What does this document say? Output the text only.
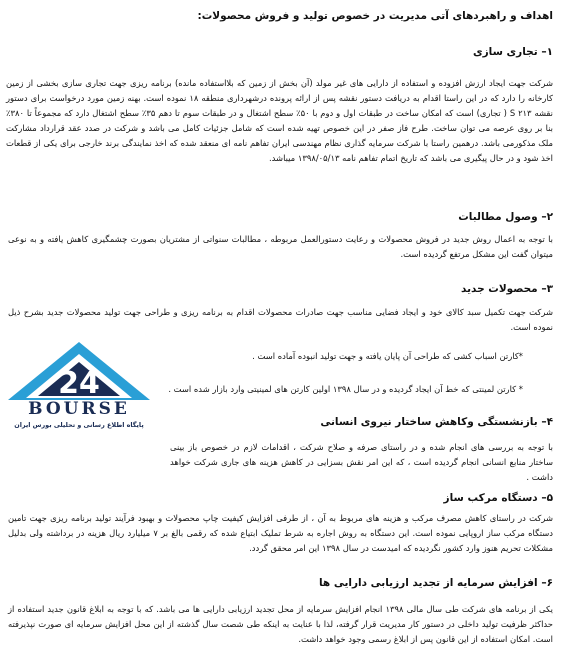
اهداف و راهبردهای آتی مدیریت در خصوص تولید و فروش محصولات:
۱– تجاری سازی
شرکت جهت ایجاد ارزش افزوده و استفاده از دارایی های غیر مولد (آن بخش از زمین که بلااستفاده مانده) برنامه ریزی جهت تجاری سازی بخشی از زمین کارخانه را دارد که در این راستا اقدام به دریافت دستور نقشه پس از ارائه پرونده درشهرداری منطقه ۱۸ نموده است. بهنه زمین مورد درخواست برای دستور نقشه ۲۱۳ S ( تجاری) است که امکان ساخت در طبقات اول و دوم با ۵۰٪ سطح اشتغال و در طبقات سوم تا دهم ۳۵٪ سطح اشتغال دارد که مجموعاً تا ۳۸۰٪ بنا بر روی عرصه می توان ساخت. طرح فاز صفر در این خصوص تهیه شده است که شامل جزئیات کامل می باشد و شرکت در صدد عقد قرارداد مشارکت ملک مذکورمی باشد. درهمین راستا با شرکت سرمایه گذاری نظام مهندسی ایران تفاهم نامه ای منعقد شده که اخذ نمایندگی برند خارجی برای یکی از قطعات اخذ شود و در حال پیگیری می باشد که تاریخ اتمام تفاهم نامه ۱۳۹۸/۰۵/۱۳ میباشد.
۲– وصول مطالبات
با توجه به اعمال روش جدید در فروش محصولات و رعایت دستورالعمل مربوطه ، مطالبات سنواتی از مشتریان بصورت چشمگیری کاهش یافته و به نوعی میتوان گفت این مشکل مرتفع گردیده است.
۳– محصولات جدید
شرکت جهت تکمیل سبد کالای خود و ایجاد فضایی مناسب جهت صادرات محصولات اقدام به برنامه ریزی و طراحی جهت تولید محصولات جدید بشرح ذیل نموده است.
*کارتن اسباب کشی که طراحی آن پایان یافته و جهت تولید انبوده آماده است .
* کارتن لمینتی که خط آن ایجاد گردیده و در سال ۱۳۹۸ اولین کارتن های لمینیتی وارد بازار شده است .
۴– بازنشستگی وکاهش ساختار نیروی انسانی
با توجه به بررسی های انجام شده و در راستای صرفه و صلاح شرکت ، اقدامات لازم در خصوص باز بینی ساختار منابع انسانی انجام گردیده است ، که این امر نقش بسزایی در کاهش هزینه های جاری شرکت خواهد داشت .
۵– دستگاه مرکب ساز
شرکت در راستای کاهش مصرف مرکب و هزینه های مربوط به آن ، از طرفی افزایش کیفیت چاپ محصولات و بهبود فرآیند تولید برنامه ریزی جهت تامین دستگاه مرکب ساز اروپایی نموده است. این دستگاه به روش اجاره به شرط تملیک ابتیاع شده که رقمی بالغ بر ۷ میلیارد ریال هزینه در برداشته ولی بدلیل مشکلات تحریم هنوز وارد کشور نگردیده که امیدست در سال ۱۳۹۸ این امر محقق گردد.
۶– افزایش سرمایه از تجدید ارزیابی دارایی ها
یکی از برنامه های شرکت طی سال مالی ۱۳۹۸ انجام افزایش سرمایه از محل تجدید ارزیابی دارایی ها می باشد. که با توجه به ابلاغ قانون جدید استفاده از حداکثر ظرفیت تولید داخلی در دستور کار مدیریت قرار گرفته، لذا با عنایت به اینکه طی شصت سال گذشته از این محل افزایش سرمایه ای صورت نپذیرفته است. امکان استفاده از این قانون پس از ابلاغ رسمی وجود خواهد داشت.
24
BOURSE
پایگاه اطلاع رسانی و تحلیلی بورس ایران
